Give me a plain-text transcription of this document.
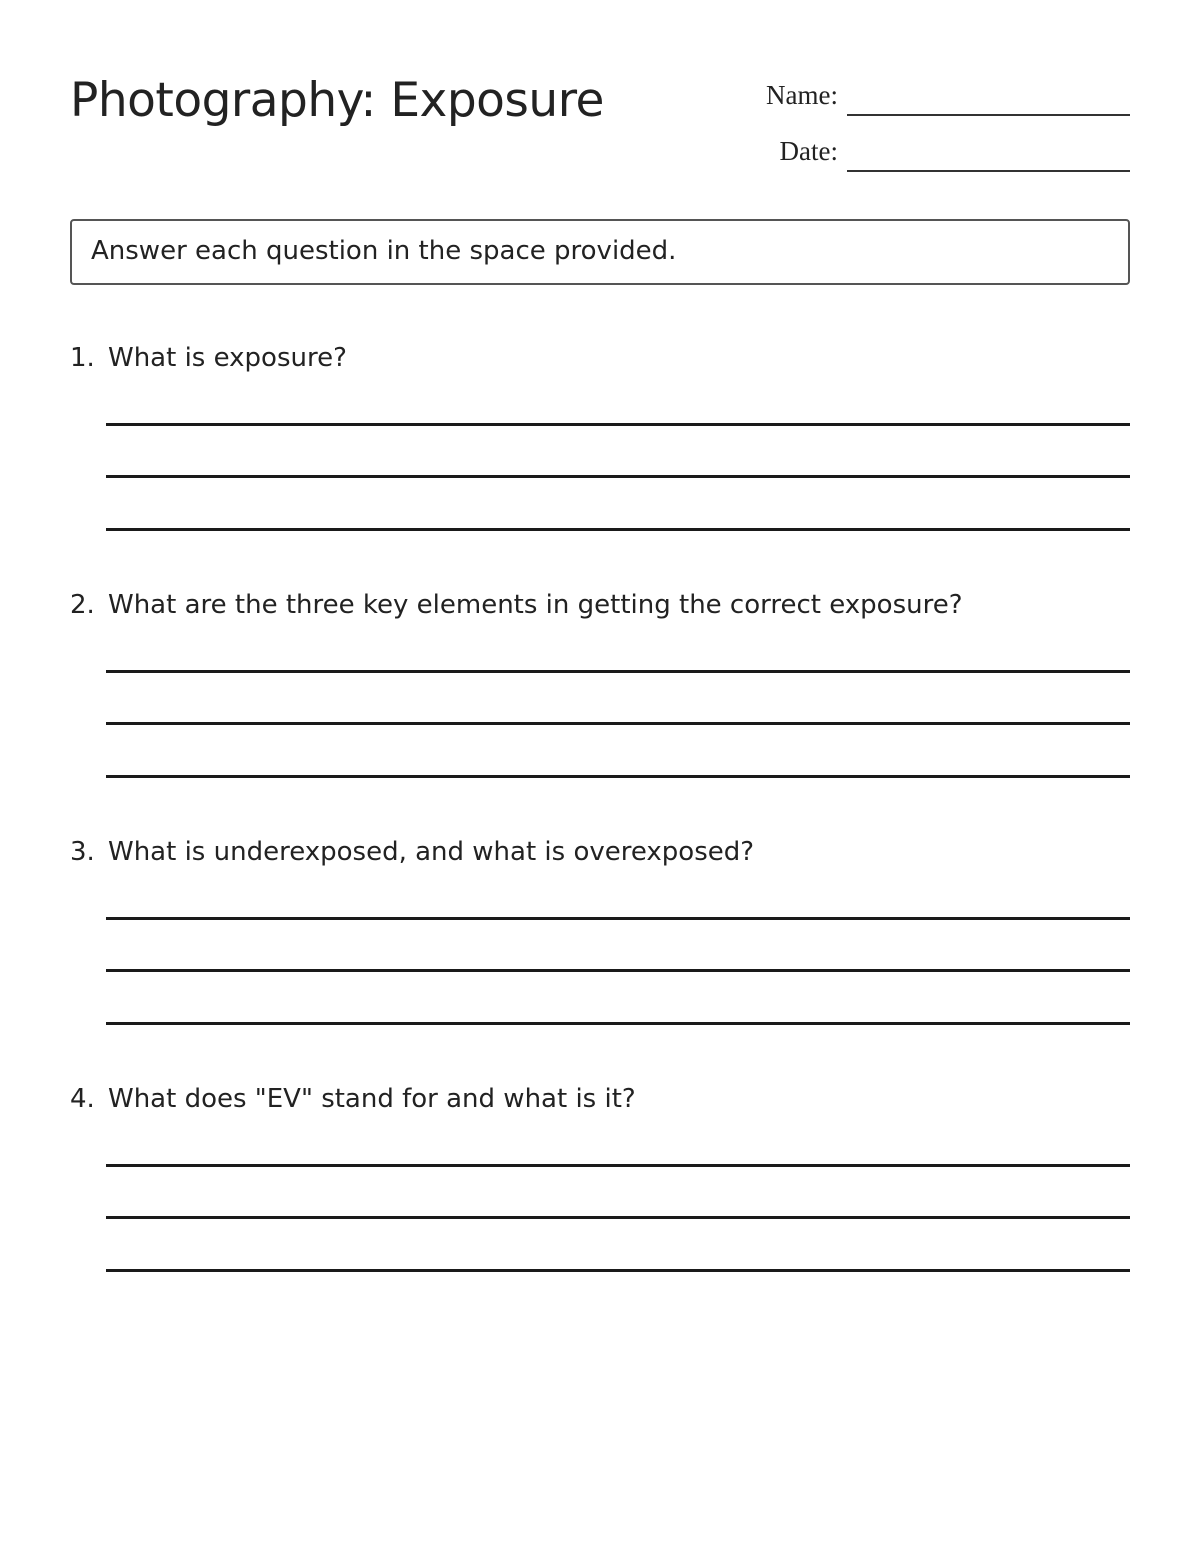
Photography: Exposure	Name:
Date:
Answer each question in the space provided.
1. What is exposure?
2. What are the three key elements in getting the correct exposure?
3. What is underexposed, and what is overexposed?
4. What does "EV" stand for and what is it?
